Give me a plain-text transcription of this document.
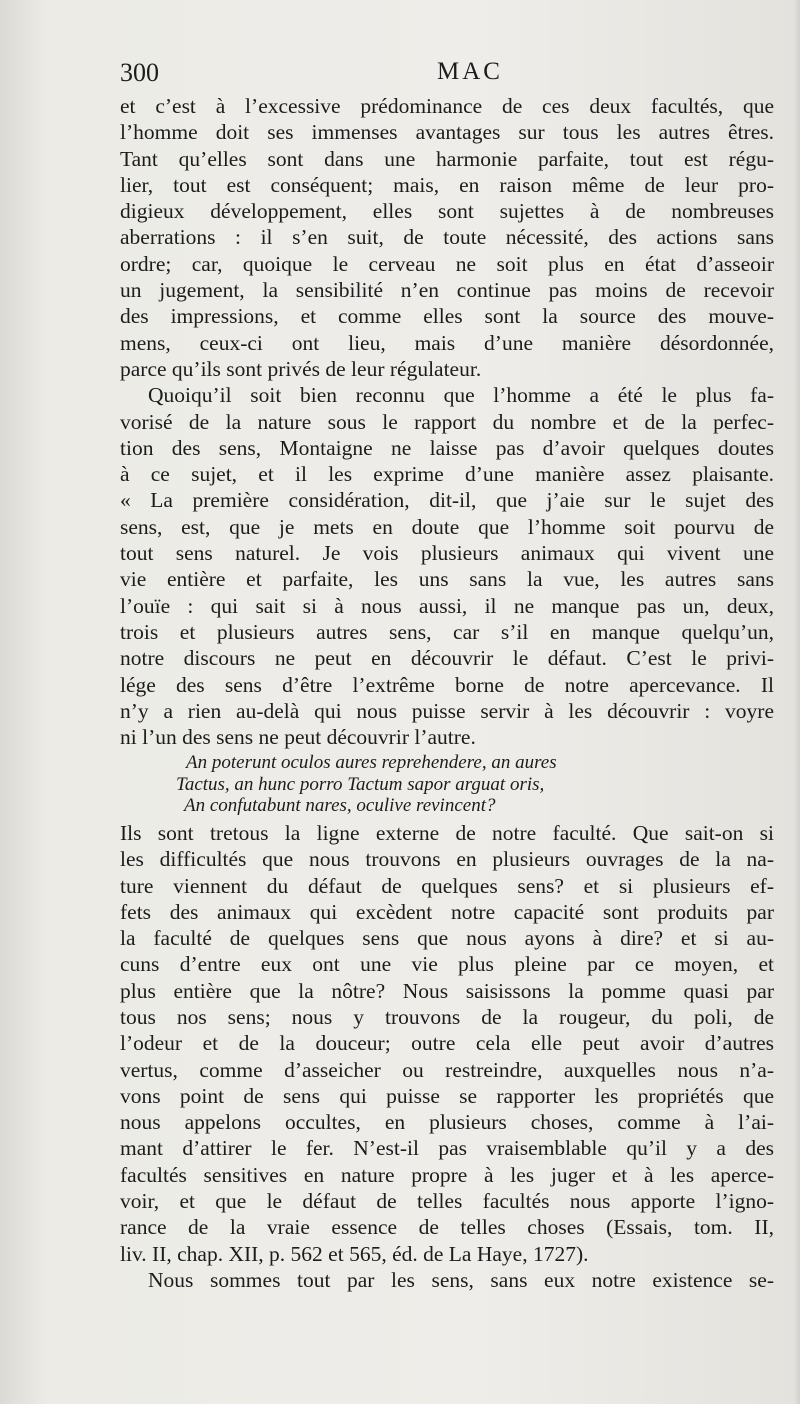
300	MAC
et c’est à l’excessive prédominance de ces deux facultés, que
l’homme doit ses immenses avantages sur tous les autres êtres.
Tant qu’elles sont dans une harmonie parfaite, tout est régu-
lier, tout est conséquent; mais, en raison même de leur pro-
digieux développement, elles sont sujettes à de nombreuses
aberrations : il s’en suit, de toute nécessité, des actions sans
ordre; car, quoique le cerveau ne soit plus en état d’asseoir
un jugement, la sensibilité n’en continue pas moins de recevoir
des impressions, et comme elles sont la source des mouve-
mens, ceux-ci ont lieu, mais d’une manière désordonnée,
parce qu’ils sont privés de leur régulateur.
Quoiqu’il soit bien reconnu que l’homme a été le plus fa-
vorisé de la nature sous le rapport du nombre et de la perfec-
tion des sens, Montaigne ne laisse pas d’avoir quelques doutes
à ce sujet, et il les exprime d’une manière assez plaisante.
« La première considération, dit-il, que j’aie sur le sujet des
sens, est, que je mets en doute que l’homme soit pourvu de
tout sens naturel. Je vois plusieurs animaux qui vivent une
vie entière et parfaite, les uns sans la vue, les autres sans
l’ouïe : qui sait si à nous aussi, il ne manque pas un, deux,
trois et plusieurs autres sens, car s’il en manque quelqu’un,
notre discours ne peut en découvrir le défaut. C’est le privi-
lége des sens d’être l’extrême borne de notre apercevance. Il
n’y a rien au-delà qui nous puisse servir à les découvrir : voyre
ni l’un des sens ne peut découvrir l’autre.
An poterunt oculos aures reprehendere, an aures
Tactus, an hunc porro Tactum sapor arguat oris,
An confutabunt nares, oculive revincent?
Ils sont tretous la ligne externe de notre faculté. Que sait-on si
les difficultés que nous trouvons en plusieurs ouvrages de la na-
ture viennent du défaut de quelques sens? et si plusieurs ef-
fets des animaux qui excèdent notre capacité sont produits par
la faculté de quelques sens que nous ayons à dire? et si au-
cuns d’entre eux ont une vie plus pleine par ce moyen, et
plus entière que la nôtre? Nous saisissons la pomme quasi par
tous nos sens; nous y trouvons de la rougeur, du poli, de
l’odeur et de la douceur; outre cela elle peut avoir d’autres
vertus, comme d’asseicher ou restreindre, auxquelles nous n’a-
vons point de sens qui puisse se rapporter les propriétés que
nous appelons occultes, en plusieurs choses, comme à l’ai-
mant d’attirer le fer. N’est-il pas vraisemblable qu’il y a des
facultés sensitives en nature propre à les juger et à les aperce-
voir, et que le défaut de telles facultés nous apporte l’igno-
rance de la vraie essence de telles choses (Essais, tom. II,
liv. II, chap. XII, p. 562 et 565, éd. de La Haye, 1727).
Nous sommes tout par les sens, sans eux notre existence se-
